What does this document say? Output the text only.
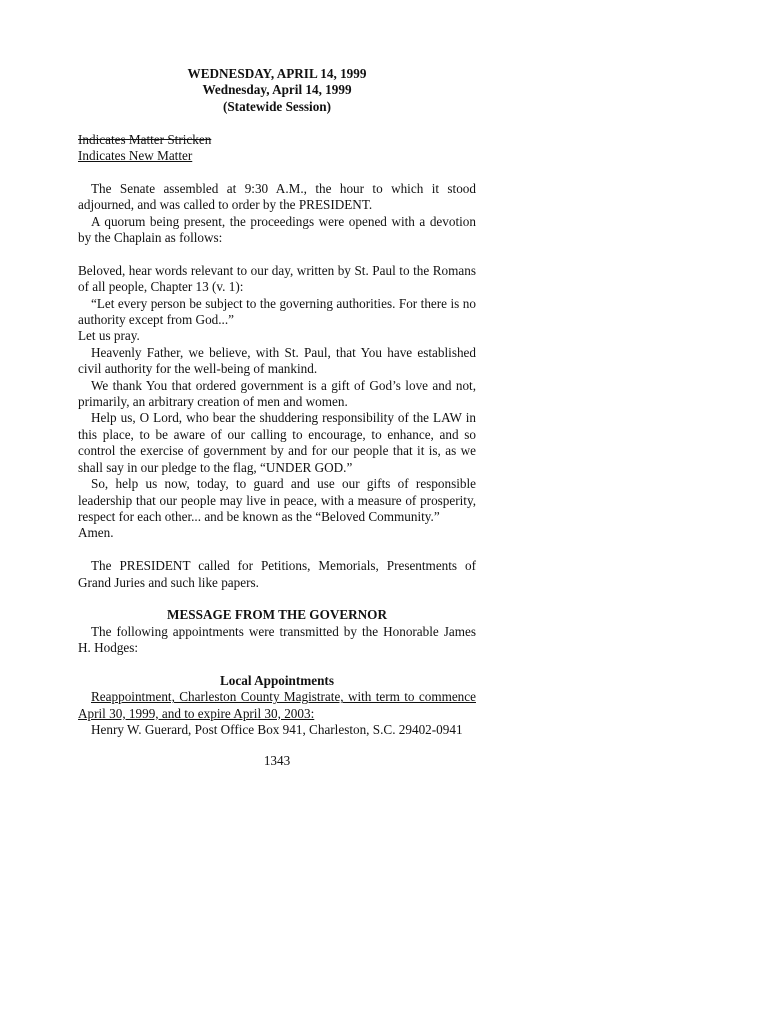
WEDNESDAY, APRIL 14, 1999

Wednesday, April 14, 1999

(Statewide Session)

Indicates Matter Stricken

Indicates New Matter

The Senate assembled at 9:30 A.M., the hour to which it stood adjourned, and was called to order by the PRESIDENT.

A quorum being present, the proceedings were opened with a devotion by the Chaplain as follows:

Beloved, hear words relevant to our day, written by St. Paul to the Romans of all people, Chapter 13 (v. 1):

“Let every person be subject to the governing authorities. For there is no authority except from God...”

Let us pray.

Heavenly Father, we believe, with St. Paul, that You have established civil authority for the well-being of mankind.

We thank You that ordered government is a gift of God’s love and not, primarily, an arbitrary creation of men and women.

Help us, O Lord, who bear the shuddering responsibility of the LAW in this place, to be aware of our calling to encourage, to enhance, and so control the exercise of government by and for our people that it is, as we shall say in our pledge to the flag, “UNDER GOD.”

So, help us now, today, to guard and use our gifts of responsible leadership that our people may live in peace, with a measure of prosperity, respect for each other... and be known as the “Beloved Community.”

Amen.

The PRESIDENT called for Petitions, Memorials, Presentments of Grand Juries and such like papers.

MESSAGE FROM THE GOVERNOR

The following appointments were transmitted by the Honorable James H. Hodges:

Local Appointments

Reappointment, Charleston County Magistrate, with term to commence April 30, 1999, and to expire April 30, 2003:

Henry W. Guerard, Post Office Box 941, Charleston, S.C. 29402-0941

1343
